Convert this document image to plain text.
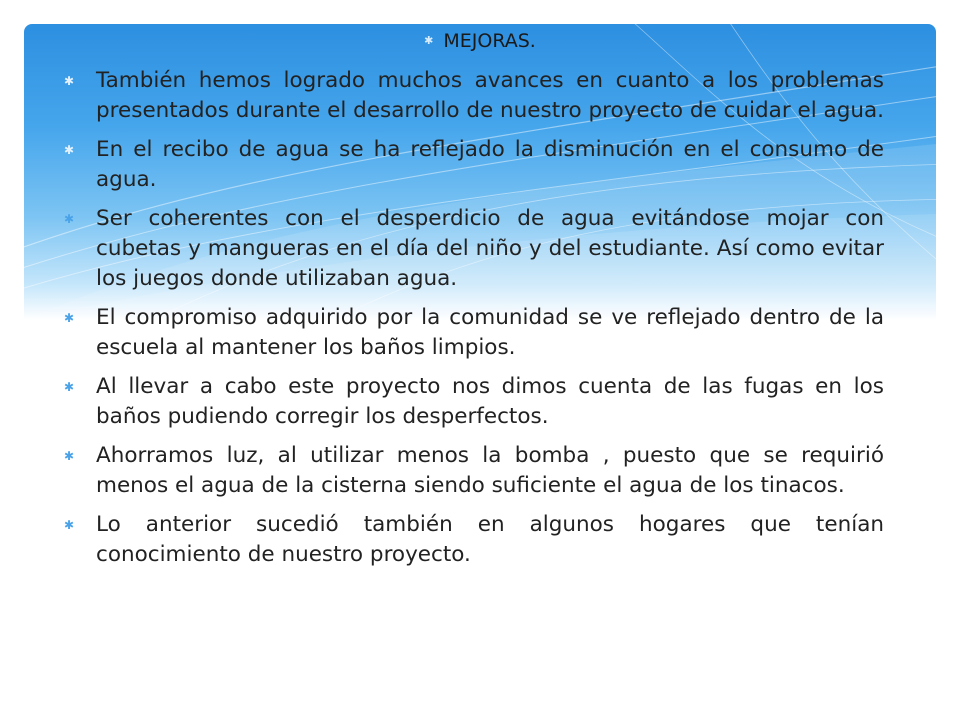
✱ MEJORAS.
✱ También hemos logrado muchos avances en cuanto a los problemas presentados durante el desarrollo de nuestro proyecto de cuidar el agua.
✱ En el recibo de agua se ha reflejado la disminución en el consumo de agua.
✱ Ser coherentes con el desperdicio de agua evitándose mojar con cubetas y mangueras en el día del niño y del estudiante. Así como evitar los juegos donde utilizaban agua.
✱ El compromiso adquirido por la comunidad se ve reflejado dentro de la escuela al mantener los baños limpios.
✱ Al llevar a cabo este proyecto nos dimos cuenta de las fugas en los baños pudiendo corregir los desperfectos.
✱ Ahorramos luz, al utilizar menos la bomba , puesto que se requirió menos el agua de la cisterna siendo suficiente el agua de los tinacos.
✱ Lo anterior sucedió también en algunos hogares que tenían conocimiento de nuestro proyecto.
